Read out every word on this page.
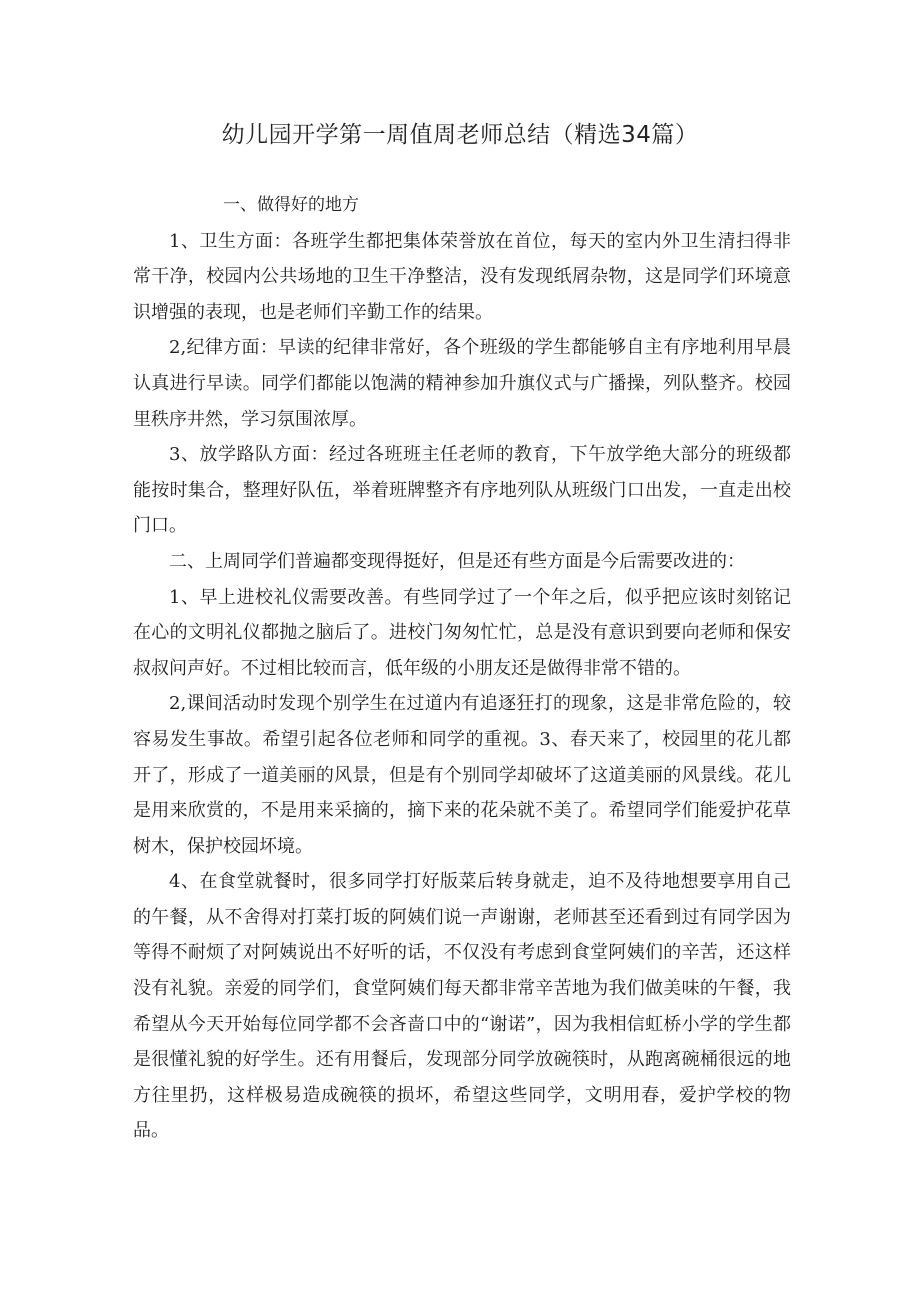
幼儿园开学第一周值周老师总结（精选34篇）

一、做得好的地方

1、卫生方面：各班学生都把集体荣誉放在首位，每天的室内外卫生清扫得非常干净，校园内公共场地的卫生干净整洁，没有发现纸屑杂物，这是同学们环境意识增强的表现，也是老师们辛勤工作的结果。

2,纪律方面：早读的纪律非常好，各个班级的学生都能够自主有序地利用早晨认真进行早读。同学们都能以饱满的精神参加升旗仪式与广播操，列队整齐。校园里秩序井然，学习氛围浓厚。

3、放学路队方面：经过各班班主任老师的教育，下午放学绝大部分的班级都能按时集合，整理好队伍，举着班牌整齐有序地列队从班级门口出发，一直走出校门口。

二、上周同学们普遍都变现得挺好，但是还有些方面是今后需要改进的：

1、早上进校礼仪需要改善。有些同学过了一个年之后，似乎把应该时刻铭记在心的文明礼仪都抛之脑后了。进校门匆匆忙忙，总是没有意识到要向老师和保安叔叔问声好。不过相比较而言，低年级的小朋友还是做得非常不错的。

2,课间活动时发现个别学生在过道内有追逐狂打的现象，这是非常危险的，较容易发生事故。希望引起各位老师和同学的重视。3、春天来了，校园里的花儿都开了，形成了一道美丽的风景，但是有个别同学却破坏了这道美丽的风景线。花儿是用来欣赏的，不是用来采摘的，摘下来的花朵就不美了。希望同学们能爱护花草树木，保护校园坏境。

4、在食堂就餐时，很多同学打好版菜后转身就走，迫不及待地想要享用自己的午餐，从不舍得对打菜打坂的阿姨们说一声谢谢，老师甚至还看到过有同学因为等得不耐烦了对阿姨说出不好听的话，不仅没有考虑到食堂阿姨们的辛苦，还这样没有礼貌。亲爱的同学们，食堂阿姨们每天都非常辛苦地为我们做美味的午餐，我希望从今天开始每位同学都不会吝啬口中的“谢诺”，因为我相信虹桥小学的学生都是很懂礼貌的好学生。还有用餐后，发现部分同学放碗筷时，从跑离碗桶很远的地方往里扔，这样极易造成碗筷的损坏，希望这些同学，文明用春，爱护学校的物品。
